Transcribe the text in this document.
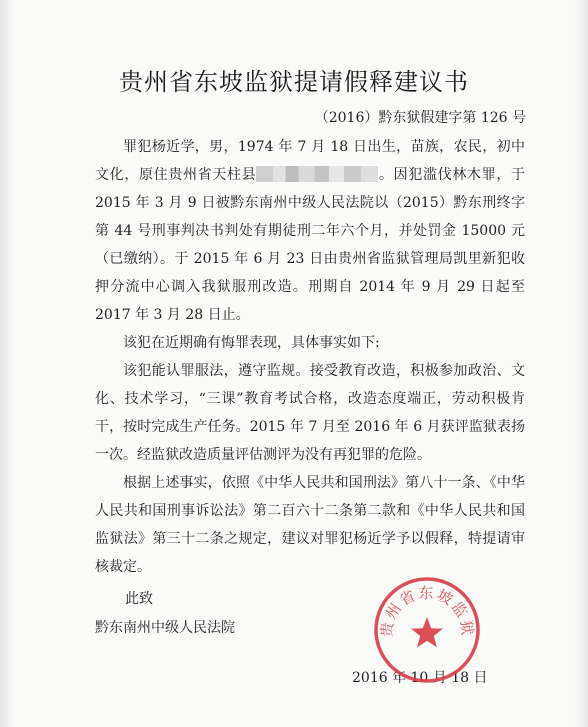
贵州省东坡监狱提请假释建议书
（2016）黔东狱假建字第 126 号

罪犯杨近学，男，1974 年 7 月 18 日出生，苗族，农民，初中文化，原住贵州省天柱县	。因犯滥伐林木罪，于 2015 年 3 月 9 日被黔东南州中级人民法院以（2015）黔东刑终字第 44 号刑事判决书判处有期徒刑二年六个月，并处罚金 15000 元（已缴纳）。于 2015 年 6 月 23 日由贵州省监狱管理局凯里新犯收押分流中心调入我狱服刑改造。刑期自 2014 年 9 月 29 日起至 2017 年 3 月 28 日止。

该犯在近期确有悔罪表现，具体事实如下:

该犯能认罪服法，遵守监规。接受教育改造，积极参加政治、文化、技术学习，“三课”教育考试合格，改造态度端正，劳动积极肯干，按时完成生产任务。2015 年 7 月至 2016 年 6 月获评监狱表扬一次。经监狱改造质量评估测评为没有再犯罪的危险。

根据上述事实，依照《中华人民共和国刑法》第八十一条、《中华人民共和国刑事诉讼法》第二百六十二条第二款和《中华人民共和国监狱法》第三十二条之规定，建议对罪犯杨近学予以假释，特提请审核裁定。

此致
黔东南州中级人民法院
2016 年 10 月 18 日
贵州省东坡监狱
